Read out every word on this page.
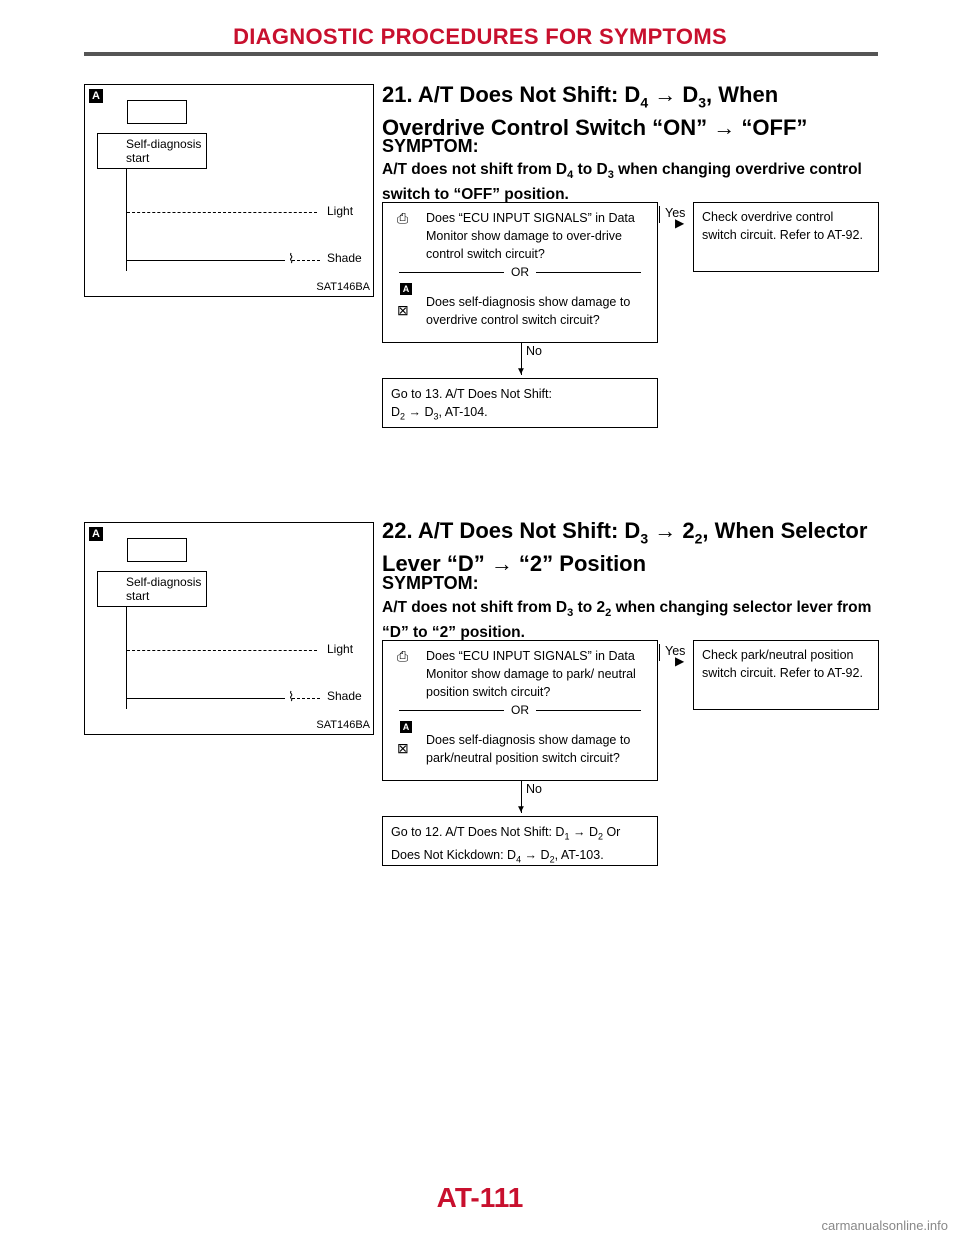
DIAGNOSTIC PROCEDURES FOR SYMPTOMS
A
Self-diagnosis
start
Light
⌇	Shade
SAT146BA
21. A/T Does Not Shift: $D_4 \to D_3$, When
Overdrive Control Switch “ON” → “OFF”
SYMPTOM:
A/T does not shift from $D_4$ to $D_3$ when changing overdrive control switch to “OFF” position.
⎙	Does “ECU INPUT SIGNALS” in Data Monitor show damage to over-drive control switch circuit?
OR
A
⊠	Does self-diagnosis show damage to overdrive control switch circuit?
Yes
▶	Check overdrive control switch circuit. Refer to AT-92.
No
▼
Go to 13. A/T Does Not Shift:
$D_2 \to D_3$, AT-104.
A
Self-diagnosis
start
Light
⌇	Shade
SAT146BA
22. A/T Does Not Shift: $D_3 \to 2_2$, When Selector
Lever “D” → “2” Position
SYMPTOM:
A/T does not shift from $D_3$ to $2_2$ when changing selector lever from “D” to “2” position.
⎙	Does “ECU INPUT SIGNALS” in Data Monitor show damage to park/ neutral position switch circuit?
OR
A
⊠	Does self-diagnosis show damage to park/neutral position switch circuit?
Yes
▶	Check park/neutral position switch circuit. Refer to AT-92.
No
▼
Go to 12. A/T Does Not Shift: $D_1 \to D_2$ Or
Does Not Kickdown: $D_4 \to D_2$, AT-103.
AT-111
carmanualsonline.info
